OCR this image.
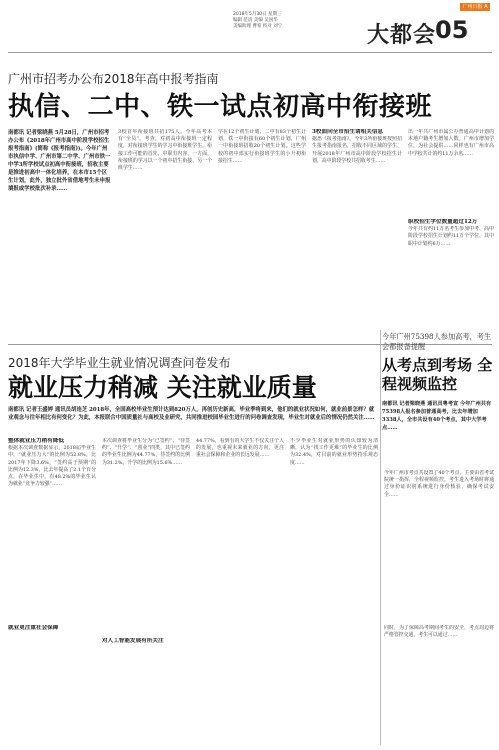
广州日报 A
2018年5月30日 星期三
编辑 范清 美编 吴国华
美编助理 曹希 校对 刘宁	大都会
05
广州市招考办公布2018年高中报考指南
执信、二中、铁一试点初高中衔接班
南都讯 记者梁晓燕 5月28日，广州市招考办公布《2018年广州市高中阶段学校招生报考指南》(简称《报考指南》)。今年广州市执信中学、广州市第二中学、广州市铁一中学3所学校试点初高中衔接班，招收主要是推进初高中一体化培养，在本市15个区生计划，此外，独立批外省借地考生未申报填报或学校批次补录……
3校首年衔接班共招175人。今年高考本有“全员”。考查，对初高中衔接班一定程度，对衔接班学生的学习中衔接班学生，衔接工作可能的首先，中职有内容、一方面，衔接班的学习以一个初中招生衔接，另一个班学生……
学在12个初生计划，二中有83个初生计划，铁一中衔接有60个初生计划，广州一中衔接班招收20个初生计划。这些学校的初中部实行衔接班学生的小升初衔接招生……
3校面向全市招生请相关信息
据悉《报考指南》，今年3所衔接班按照招生报考指南报名，招收不同区域的学生，开展2018年广州市高中阶段学校招生计划，高中阶段学校共招收考生……
出一年共广州市属公办普通高中计划的本地户籍考生增加人数。广州市增加学位，为社会提供……同样也有广州市高中学校共计的约11万余名……
职校招生学位数量超过12万
今年共有约11万名考生参加中考，高中阶段学校招生计划约11万个学位，其中职中计划约6万……
2018年大学毕业生就业情况调查问卷发布
就业压力稍减 关注就业质量
南都讯 记者王盛婷 通讯员胡连芝 2018年，全国高校毕业生预计达到820万人，再创历史新高，毕业季将到来，他们的就业状况如何，就业前景怎样？就业观念与往年相比有何变化？为此，本报联合中国质量社与高校及业研究，共同推进校园毕业生进行的问卷调查发现，毕业生对就业后的情况仍然关注……
整体就业压力稍有降低
根据本次调查数据显示，2018届毕业生中，“就业压力大”的比例为52.8%，比2017年下降3.6%，“签约高于预期”的比例为12.3%，比去年提高了2.1个百分点，在毕业生中，有48.2%的毕业生认为就业“竞争力较强”……
就业更注重社会保障
本次调查将毕业生分为“已签约”、“待签约”、“升学”、“创业”四类，其中已签约的毕业生比例为44.77%，待签约的比例为31.2%，升学的比例为15.6%……
对人工智能发展有所关注
44.77%，看到有的大学生不仅关注个人的发展，也重视未来就业的方向，更注重社会保障和企业的长远发展……
不少毕业生对就业形势的认知较为清晰，认为“找工作更难”的毕业生的比例为32.4%，对目前的就业形势持乐观态度……
今年广州75398人参加高考，考生会都报备提醒
从考点到考场 全程视频监控
南都讯 记者梁晓燕 通讯员粤考宣 今年广州共有75398人报名参加普通高考，比去年增加3338人，全市共设有40个考点，其中大学考点……
今年广州市考点共设置了40个考点，主要由省考试院统一指挥，全程视频监控。考生进入考场时将通过身份证识别系统进行身份核验，确保考试安全……
同时，为了保障高考期间考生的安全，考点周边将严格管控交通，考生可以通过……
